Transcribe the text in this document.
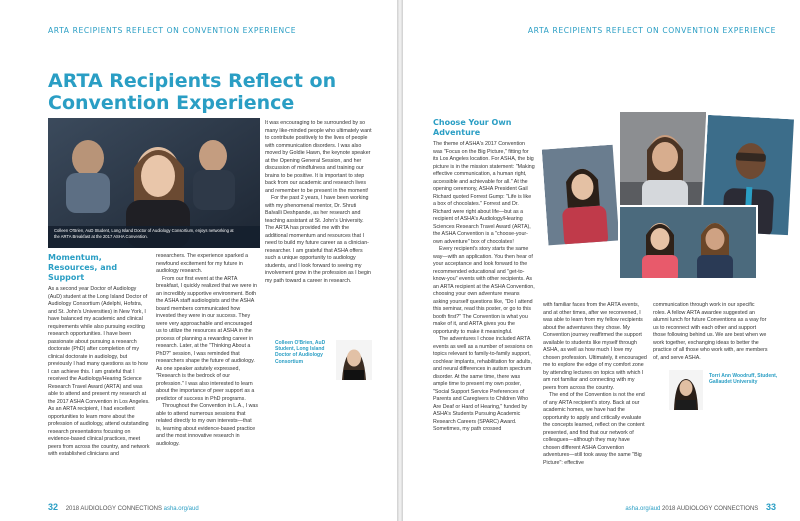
ARTA RECIPIENTS REFLECT ON CONVENTION EXPERIENCE
ARTA Recipients Reflect on Convention Experience
Colleen O'Brien, AuD Student, Long Island Doctor of Audiology Consortium, enjoys networking at the ARTA Breakfast at the 2017 ASHA Convention.
Momentum, Resources, and Support

As a second year Doctor of Audiology (AuD) student at the Long Island Doctor of Audiology Consortium (Adelphi, Hofstra, and St. John's Universities) in New York, I have balanced my academic and clinical requirements while also pursuing exciting research opportunities. I have been passionate about pursuing a research doctorate (PhD) after completion of my clinical doctorate in audiology, but previously I had many questions as to how I can achieve this. I am grateful that I received the Audiology/Hearing Science Research Travel Award (ARTA) and was able to attend and present my research at the 2017 ASHA Convention in Los Angeles. As an ARTA recipient, I had excellent opportunities to learn more about the profession of audiology, attend outstanding research presentations focusing on evidence-based clinical practices, meet peers from across the country, and network with established clinicians and

researchers. The experience sparked a newfound excitement for my future in audiology research.

From our first event at the ARTA breakfast, I quickly realized that we were in an incredibly supportive environment. Both the ASHA staff audiologists and the ASHA board members communicated how invested they were in our success. They were very approachable and encouraged us to utilize the resources at ASHA in the process of planning a rewarding career in research. Later, at the "Thinking About a PhD?" session, I was reminded that researchers shape the future of audiology. As one speaker astutely expressed, "Research is the bedrock of our profession." I was also interested to learn about the importance of peer support as a predictor of success in PhD programs.

Throughout the Convention in L.A., I was able to attend numerous sessions that related directly to my own interests—that is, learning about evidence-based practice and the most innovative research in audiology.

It was encouraging to be surrounded by so many like-minded people who ultimately want to contribute positively to the lives of people with communication disorders. I was also moved by Goldie Hawn, the keynote speaker at the Opening General Session, and her discussion of mindfulness and training our brains to be positive. It is important to step back from our academic and research lives and remember to be present in the moment!

For the past 2 years, I have been working with my phenomenal mentor, Dr. Shruti Balvalli Deshpande, as her research and teaching assistant at St. John's University. The ARTA has provided me with the additional momentum and resources that I need to build my future career as a clinician-researcher. I am grateful that ASHA offers such a unique opportunity to audiology students, and I look forward to seeing my involvement grow in the profession as I begin my path toward a career in research.

Colleen O'Brien, AuD Student, Long Island Doctor of Audiology Consortium
32 2018 AUDIOLOGY CONNECTIONS asha.org/aud
ARTA RECIPIENTS REFLECT ON CONVENTION EXPERIENCE
Choose Your Own Adventure

The theme of ASHA's 2017 Convention was "Focus on the Big Picture," fitting for its Los Angeles location. For ASHA, the big picture is in the mission statement: "Making effective communication, a human right, accessible and achievable for all." At the opening ceremony, ASHA President Gail Richard quoted Forrest Gump: "Life is like a box of chocolates." Forrest and Dr. Richard were right about life—but as a recipient of ASHA's Audiology/Hearing Sciences Research Travel Award (ARTA), the ASHA Convention is a "choose-your-own adventure" box of chocolates!

Every recipient's story starts the same way—with an application. You then hear of your acceptance and look forward to the recommended educational and "get-to-know-you" events with other recipients. As an ARTA recipient at the ASHA Convention, choosing your own adventure means asking yourself questions like, "Do I attend this seminar, read this poster, or go to this booth first?" The Convention is what you make of it, and ARTA gives you the opportunity to make it meaningful.

The adventures I chose included ARTA events as well as a number of sessions on topics relevant to family-to-family support, cochlear implants, rehabilitation for adults, and neural differences in autism spectrum disorder. At the same time, there was ample time to present my own poster, "Social Support Service Preferences of Parents and Caregivers to Children Who Are Deaf or Hard of Hearing," funded by ASHA's Students Pursuing Academic Research Careers (SPARC) Award. Sometimes, my path crossed

with familiar faces from the ARTA events, and at other times, after we reconvened, I was able to learn from my fellow recipients about the adventures they chose. My Convention journey reaffirmed the support available to students like myself through ASHA, as well as how much I love my chosen profession. Ultimately, it encouraged me to explore the edge of my comfort zone by attending lectures on topics with which I am not familiar and connecting with my peers from across the country.

The end of the Convention is not the end of any ARTA recipient's story. Back at our academic homes, we have had the opportunity to apply and critically evaluate the concepts learned, reflect on the content presented, and find that our network of colleagues—although they may have chosen different ASHA Convention adventures—still took away the same "Big Picture": effective

communication through work in our specific roles. A fellow ARTA awardee suggested an alumni lunch for future Conventions as a way for us to reconnect with each other and support those following behind us. We are best when we work together, exchanging ideas to better the practice of all those who work with, are members of, and serve ASHA.

Torri Ann Woodruff, Student, Gallaudet University
asha.org/aud 2018 AUDIOLOGY CONNECTIONS 33
